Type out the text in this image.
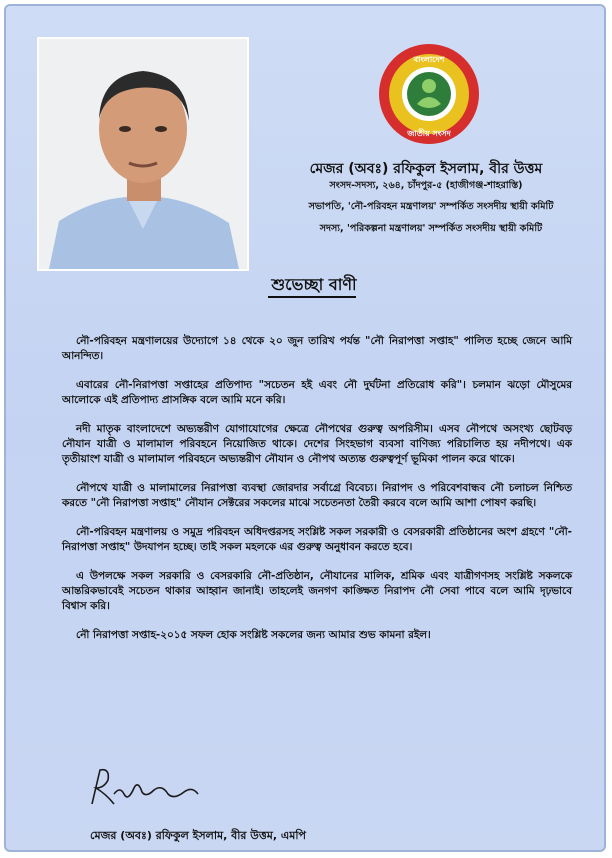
বাংলাদেশ
জাতীয় সংসদ
মেজর (অবঃ) রফিকুল ইসলাম, বীর উত্তম
সংসদ-সদস্য, ২৬৪, চাঁদপুর-৫ (হাজীগঞ্জ-শাহরাস্তি)
সভাপতি, 'নৌ-পরিবহন মন্ত্রণালয়' সম্পর্কিত সংসদীয় স্থায়ী কমিটি
সদস্য, 'পরিকল্পনা মন্ত্রণালয়' সম্পর্কিত সংসদীয় স্থায়ী কমিটি
শুভেচ্ছা বাণী

নৌ-পরিবহন মন্ত্রণালয়ের উদ্যোগে ১৪ থেকে ২০ জুন তারিখ পর্যন্ত "নৌ নিরাপত্তা সপ্তাহ" পালিত হচ্ছে জেনে আমি আনন্দিত।

এবারের নৌ-নিরাপত্তা সপ্তাহের প্রতিপাদ্য "সচেতন হই এবং নৌ দুর্ঘটনা প্রতিরোধ করি"। চলমান ঝড়ো মৌসুমের আলোকে এই প্রতিপাদ্য প্রাসঙ্গিক বলে আমি মনে করি।

নদী মাতৃক বাংলাদেশে অভ্যন্তরীণ যোগাযোগের ক্ষেত্রে নৌপথের গুরুত্ব অপরিসীম। এসব নৌপথে অসংখ্য ছোটবড় নৌযান যাত্রী ও মালামাল পরিবহনে নিয়োজিত থাকে। দেশের সিংহভাগ ব্যবসা বাণিজ্য পরিচালিত হয় নদীপথে। এক তৃতীয়াংশ যাত্রী ও মালামাল পরিবহনে অভ্যন্তরীণ নৌযান ও নৌপথ অত্যন্ত গুরুত্বপূর্ণ ভূমিকা পালন করে থাকে।

নৌপথে যাত্রী ও মালামালের নিরাপত্তা ব্যবস্থা জোরদার সর্বাগ্রে বিবেচ্য। নিরাপদ ও পরিবেশবান্ধব নৌ চলাচল নিশ্চিত করতে "নৌ নিরাপত্তা সপ্তাহ" নৌযান সেক্টরের সকলের মাঝে সচেতনতা তৈরী করবে বলে আমি আশা পোষণ করছি।

নৌ-পরিবহন মন্ত্রণালয় ও সমুদ্র পরিবহন অধিদপ্তরসহ সংশ্লিষ্ট সকল সরকারী ও বেসরকারী প্রতিষ্ঠানের অংশ গ্রহণে "নৌ-নিরাপত্তা সপ্তাহ" উদযাপন হচ্ছে। তাই সকল মহলকে এর গুরুত্ব অনুধাবন করতে হবে।

এ উপলক্ষে সকল সরকারি ও বেসরকারি নৌ-প্রতিষ্ঠান, নৌযানের মালিক, শ্রমিক এবং যাত্রীগণসহ সংশ্লিষ্ট সকলকে আন্তরিকভাবেই সচেতন থাকার আহ্বান জানাই। তাহলেই জনগণ কাঙ্ক্ষিত নিরাপদ নৌ সেবা পাবে বলে আমি দৃঢ়ভাবে বিশ্বাস করি।

নৌ নিরাপত্তা সপ্তাহ-২০১৫ সফল হোক সংশ্লিষ্ট সকলের জন্য আমার শুভ কামনা রইল।

মেজর (অবঃ) রফিকুল ইসলাম, বীর উত্তম, এমপি
